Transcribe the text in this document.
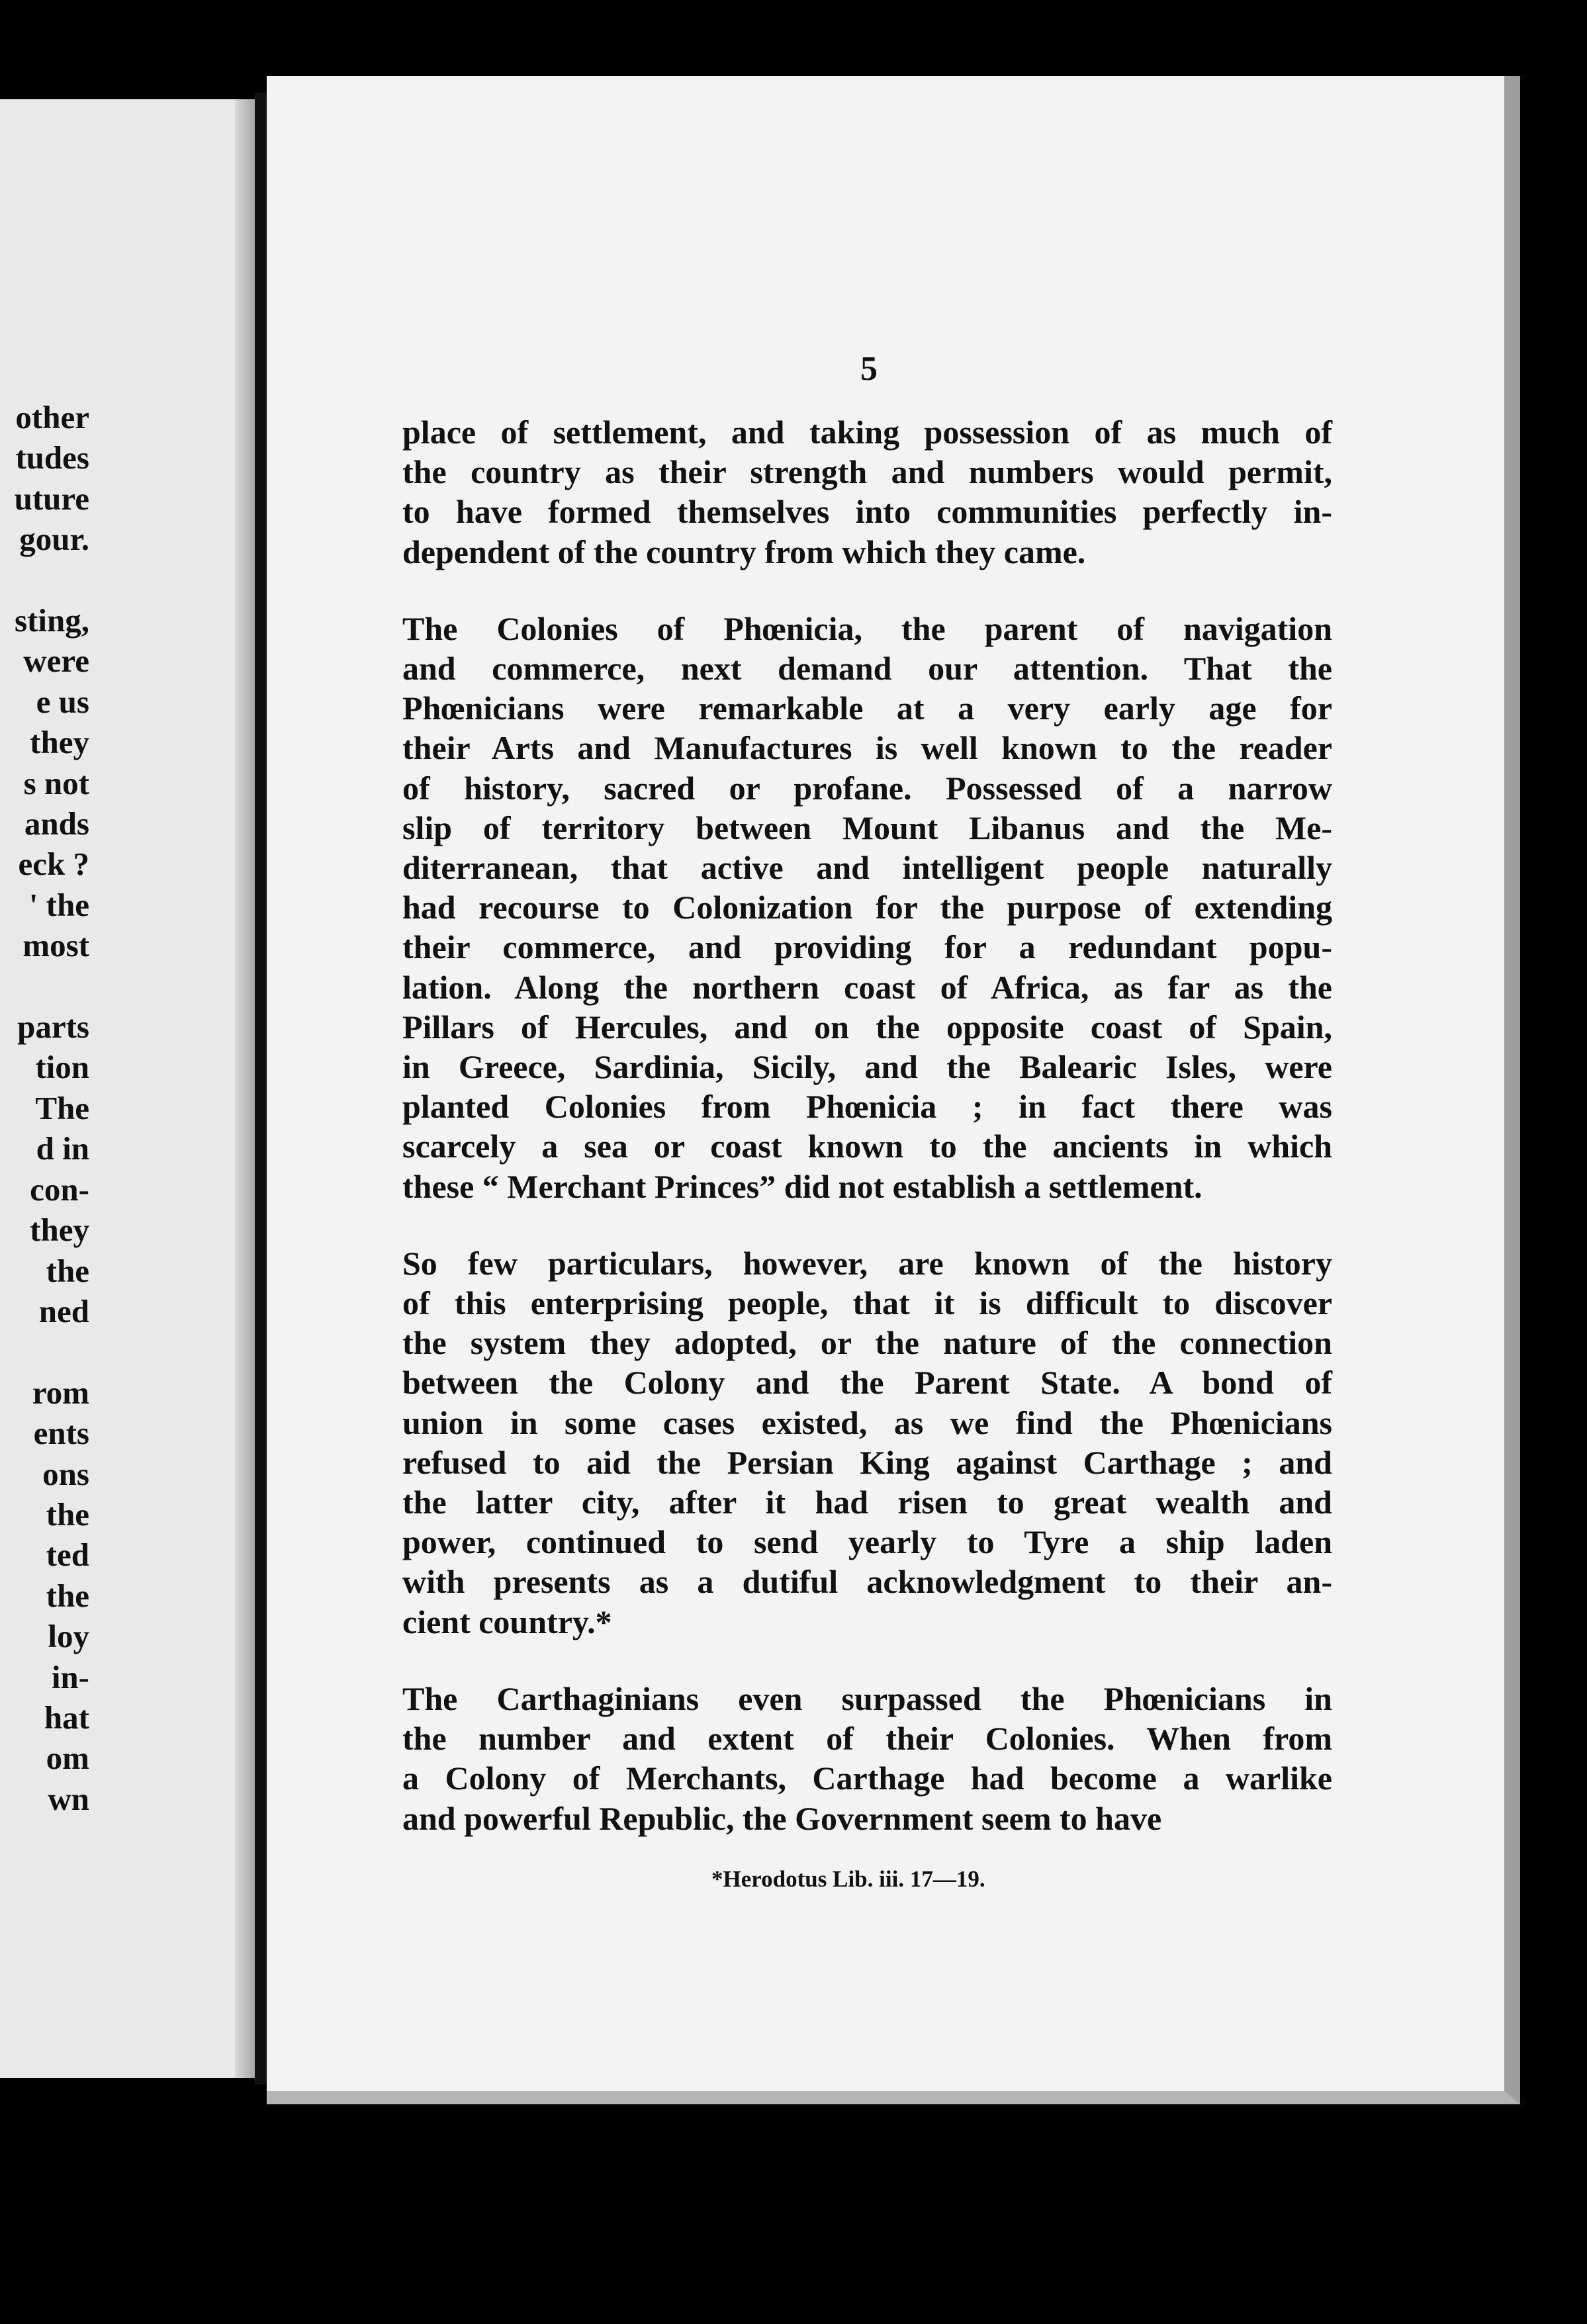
other
tudes
uture
gour.
sting,
were
e us
they
s not
ands
eck ?
' the
most
parts
tion
The
d in
con-
they
the
ned
rom
ents
ons
the
ted
the
loy
in-
hat
om
wn
5

place of settlement, and taking possession of as much of
the country as their strength and numbers would permit,
to have formed themselves into communities perfectly in-
dependent of the country from which they came.

The Colonies of Phœnicia, the parent of navigation
and commerce, next demand our attention. That the
Phœnicians were remarkable at a very early age for
their Arts and Manufactures is well known to the reader
of history, sacred or profane. Possessed of a narrow
slip of territory between Mount Libanus and the Me-
diterranean, that active and intelligent people naturally
had recourse to Colonization for the purpose of extending
their commerce, and providing for a redundant popu-
lation. Along the northern coast of Africa, as far as the
Pillars of Hercules, and on the opposite coast of Spain,
in Greece, Sardinia, Sicily, and the Balearic Isles, were
planted Colonies from Phœnicia ; in fact there was
scarcely a sea or coast known to the ancients in which
these “ Merchant Princes” did not establish a settlement.

So few particulars, however, are known of the history
of this enterprising people, that it is difficult to discover
the system they adopted, or the nature of the connection
between the Colony and the Parent State. A bond of
union in some cases existed, as we find the Phœnicians
refused to aid the Persian King against Carthage ; and
the latter city, after it had risen to great wealth and
power, continued to send yearly to Tyre a ship laden
with presents as a dutiful acknowledgment to their an-
cient country.*

The Carthaginians even surpassed the Phœnicians in
the number and extent of their Colonies. When from
a Colony of Merchants, Carthage had become a warlike
and powerful Republic, the Government seem to have

*Herodotus Lib. iii. 17—19.
